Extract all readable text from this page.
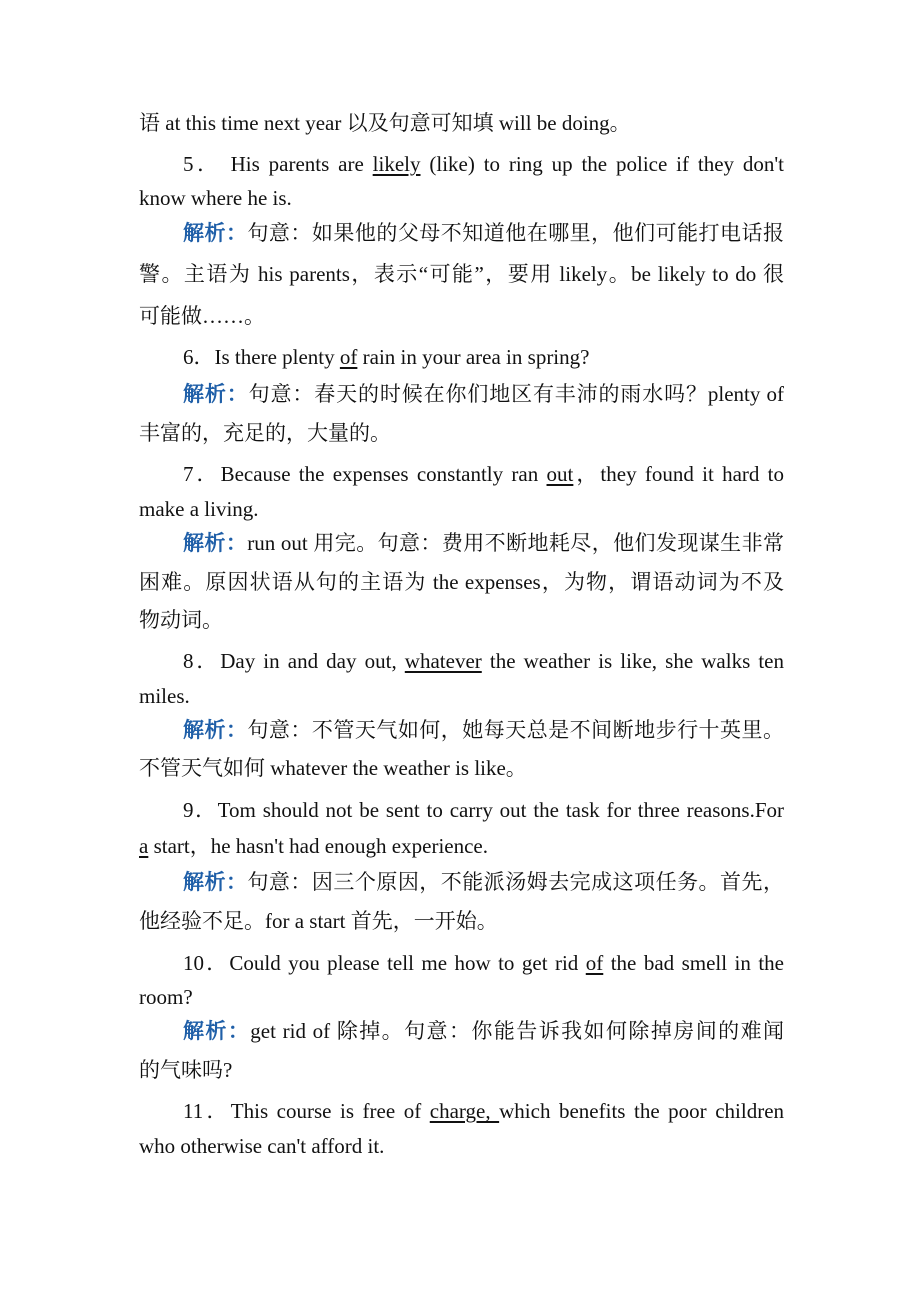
语 at this time next year 以及句意可知填 will be doing。
5． His parents are likely (like) to ring up the police if they don't
know where he is.
解析：句意：如果他的父母不知道他在哪里，他们可能打电话报
警。主语为 his parents，表示“可能”，要用 likely。be likely to do 很
可能做……。
6．Is there plenty of rain in your area in spring?
解析：句意：春天的时候在你们地区有丰沛的雨水吗？plenty of
丰富的，充足的，大量的。
7．Because the expenses constantly ran out，they found it hard to
make a living.
解析：run out 用完。句意：费用不断地耗尽，他们发现谋生非常
困难。原因状语从句的主语为 the expenses，为物，谓语动词为不及
物动词。
8．Day in and day out, whatever the weather is like, she walks ten
miles.
解析：句意：不管天气如何，她每天总是不间断地步行十英里。
不管天气如何 whatever the weather is like。
9．Tom should not be sent to carry out the task for three reasons.For
a start，he hasn't had enough experience.
解析：句意：因三个原因，不能派汤姆去完成这项任务。首先，
他经验不足。for a start 首先，一开始。
10．Could you please tell me how to get rid of the bad smell in the
room?
解析：get rid of 除掉。句意：你能告诉我如何除掉房间的难闻
的气味吗?
11．This course is free of charge, which benefits the poor children
who otherwise can't afford it.
